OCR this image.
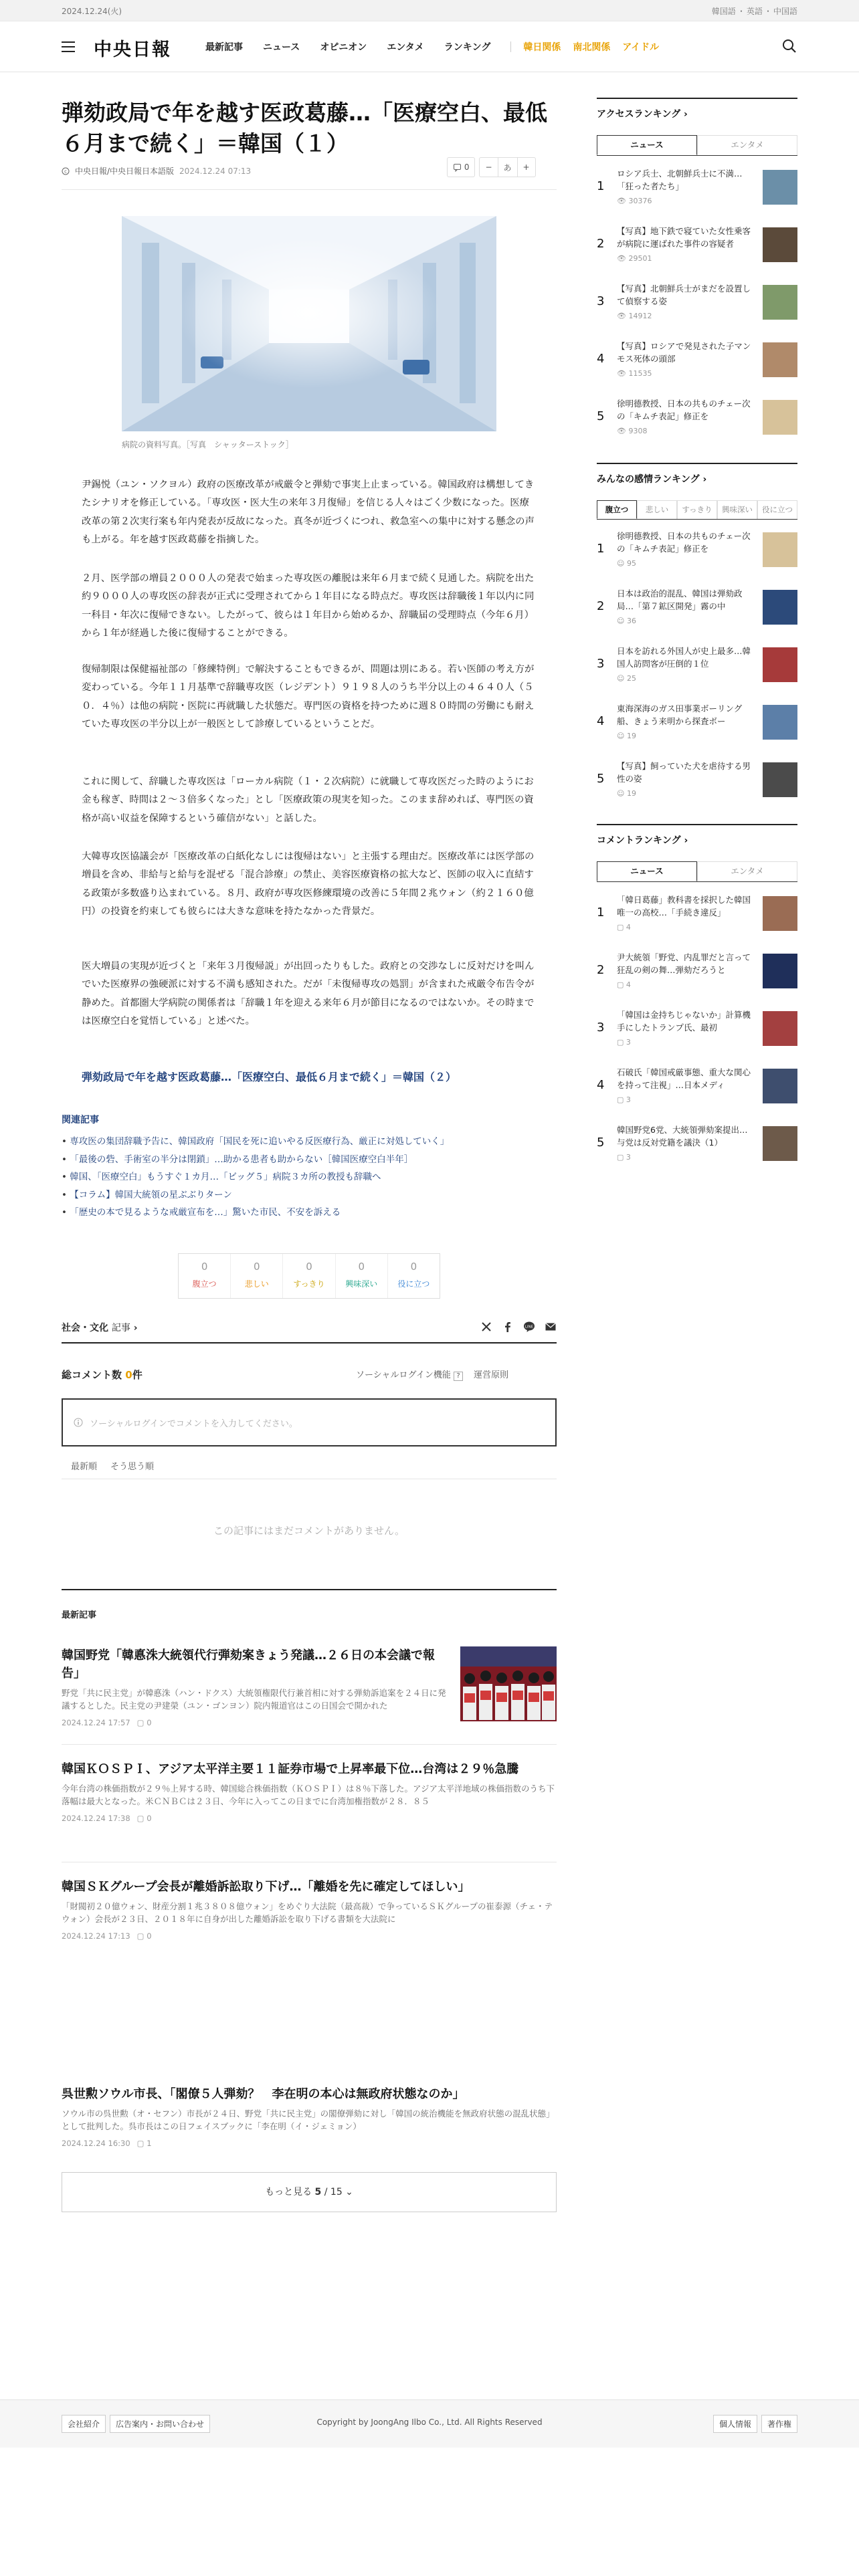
2024.12.24(火)	韓国語 ・ 英語 ・ 中国語
中央日報	最新記事 ニュース オピニオン エンタメ ランキング	韓日関係 南北関係 アイドル
弾劾政局で年を越す医政葛藤…「医療空白、最低６月まで続く」＝韓国（１）
c 中央日報/中央日報日本語版 2024.12.24 07:13
	0	−	あ	+
病院の資料写真。［写真　シャッターストック］

尹錫悦（ユン・ソクヨル）政府の医療改革が戒厳令と弾劾で事実上止まっている。韓国政府は構想してきたシナリオを修正している。「専攻医・医大生の来年３月復帰」を信じる人々はごく少数になった。医療改革の第２次実行案も年内発表が反故になった。真冬が近づくにつれ、救急室への集中に対する懸念の声も上がる。年を越す医政葛藤を指摘した。

２月、医学部の増員２０００人の発表で始まった専攻医の離脱は来年６月まで続く見通した。病院を出た約９０００人の専攻医の辞表が正式に受理されてから１年目になる時点だ。専攻医は辞職後１年以内に同一科目・年次に復帰できない。したがって、彼らは１年目から始めるか、辞職届の受理時点（今年６月）から１年が経過した後に復帰することができる。

復帰制限は保健福祉部の「修練特例」で解決することもできるが、問題は別にある。若い医師の考え方が変わっている。今年１１月基準で辞職専攻医（レジデント）９１９８人のうち半分以上の４６４０人（５０．４％）は他の病院・医院に再就職した状態だ。専門医の資格を持つために週８０時間の労働にも耐えていた専攻医の半分以上が一般医として診療しているということだ。

これに関して、辞職した専攻医は「ローカル病院（１・２次病院）に就職して専攻医だった時のようにお金も稼ぎ、時間は２〜３倍多くなった」とし「医療政策の現実を知った。このまま辞めれば、専門医の資格が高い収益を保障するという確信がない」と話した。

大韓専攻医協議会が「医療改革の白紙化なしには復帰はない」と主張する理由だ。医療改革には医学部の増員を含め、非給与と給与を混ぜる「混合診療」の禁止、美容医療資格の拡大など、医師の収入に直結する政策が多数盛り込まれている。８月、政府が専攻医修練環境の改善に５年間２兆ウォン（約２１６０億円）の投資を約束しても彼らには大きな意味を持たなかった背景だ。

医大増員の実現が近づくと「来年３月復帰説」が出回ったりもした。政府との交渉なしに反対だけを叫んでいた医療界の強硬派に対する不満も感知された。だが「未復帰専攻の処罰」が含まれた戒厳令布告令が静めた。首都圏大学病院の関係者は「辞職１年を迎える来年６月が節目になるのではないか。その時までは医療空白を覚悟している」と述べた。

弾劾政局で年を越す医政葛藤…「医療空白、最低６月まで続く」＝韓国（２）
関連記事
• 専攻医の集団辞職予告に、韓国政府「国民を死に追いやる反医療行為、厳正に対処していく」
• 「最後の砦、手術室の半分は閉鎖」…助かる患者も助からない［韓国医療空白半年］
• 韓国、「医療空白」もうすぐ１カ月…「ビッグ５」病院３カ所の教授も辞職へ
• 【コラム】韓国大統領の星ぶぶりターン
• 「歴史の本で見るような戒厳宣布を…」驚いた市民、不安を訴える
0
腹立つ
0
悲しい
0
すっきり
0
興味深い
0
役に立つ
社会・文化 記事 ›	LINE
総コメント数 0件	ソーシャルログイン機能 ?	運営原則
ソーシャルログインでコメントを入力してください。
最新順 そう思う順
この記事にはまだコメントがありません。
最新記事
韓国野党「韓悳洙大統領代行弾劾案きょう発議…２６日の本会議で報告」
野党「共に民主党」が韓悳洙（ハン・ドクス）大統領権限代行兼首相に対する弾劾訴追案を２４日に発議するとした。民主党の尹建榮（ユン・ゴンヨン）院内報道官はこの日国会で開かれた
2024.12.24 17:57 ▢ 0
韓国ＫＯＳＰＩ、アジア太平洋主要１１証券市場で上昇率最下位…台湾は２９％急騰
今年台湾の株価指数が２９％上昇する時、韓国総合株価指数（ＫＯＳＰＩ）は８％下落した。アジア太平洋地域の株価指数のうち下落幅は最大となった。米ＣＮＢＣは２３日、今年に入ってこの日までに台湾加権指数が２８．８５
2024.12.24 17:38 ▢ 0
韓国ＳＫグループ会長が離婚訴訟取り下げ…「離婚を先に確定してほしい」
「財閥初２０億ウォン、財産分割１兆３８０８億ウォン」をめぐり大法院（最高裁）で争っているＳＫグループの崔泰源（チェ・テウォン）会長が２３日、２０１８年に自身が出した離婚訴訟を取り下げる書類を大法院に
2024.12.24 17:13 ▢ 0
呉世勲ソウル市長、「閣僚５人弾劾？　李在明の本心は無政府状態なのか」
ソウル市の呉世勲（オ・セフン）市長が２４日、野党「共に民主党」の閣僚弾劾に対し「韓国の統治機能を無政府状態の混乱状態」として批判した。呉市長はこの日フェイスブックに「李在明（イ・ジェミョン）
2024.12.24 16:30 ▢ 1
もっと見る 5 / 15 ⌄
Copyright by JoongAng Ilbo Co., Ltd. All Rights Reserved
会社紹介	広告案内・お問い合わせ	個人情報	著作権
アクセスランキング ›
ニュース	エンタメ
1
ロシア兵士、北朝鮮兵士に不満…「狂った者たち」
👁 30376
2
【写真】地下鉄で寝ていた女性乗客が病院に運ばれた事件の容疑者
👁 29501
3
【写真】北朝鮮兵士がまだを設置して偵察する姿
👁 14912
4
【写真】ロシアで発見された子マンモス死体の頭部
👁 11535
5
徐明德教授、日本の共ものチェー次の「キムチ表記」修正を
👁 9308
みんなの感情ランキング ›
腹立つ	悲しい	すっきり	興味深い	役に立つ
1
徐明德教授、日本の共ものチェー次の「キムチ表記」修正を
☺ 95
2
日本は政治的混乱、韓国は弾劾政局…「第７鉱区開発」霧の中
☺ 36
3
日本を訪れる外国人が史上最多…韓国人訪問客が圧倒的１位
☺ 25
4
東海深海のガス田事業ボーリング船、きょう来明から探査ボー
☺ 19
5
【写真】飼っていた犬を虐待する男性の姿
☺ 19
コメントランキング ›
ニュース	エンタメ
1
「韓日葛藤」教科書を採択した韓国唯一の高校…「手続き違反」
▢ 4
2
尹大統領「野党、内乱罪だと言って狂乱の剣の舞…弾劾だろうと
▢ 4
3
「韓国は金持ちじゃないか」計算機手にしたトランプ氏、最初
▢ 3
4
石破氏「韓国戒厳事態、重大な関心を持って注視」…日本メディ
▢ 3
5
韓国野党6党、大統領弾劾案提出…与党は反対党籍を議決（1）
▢ 3
